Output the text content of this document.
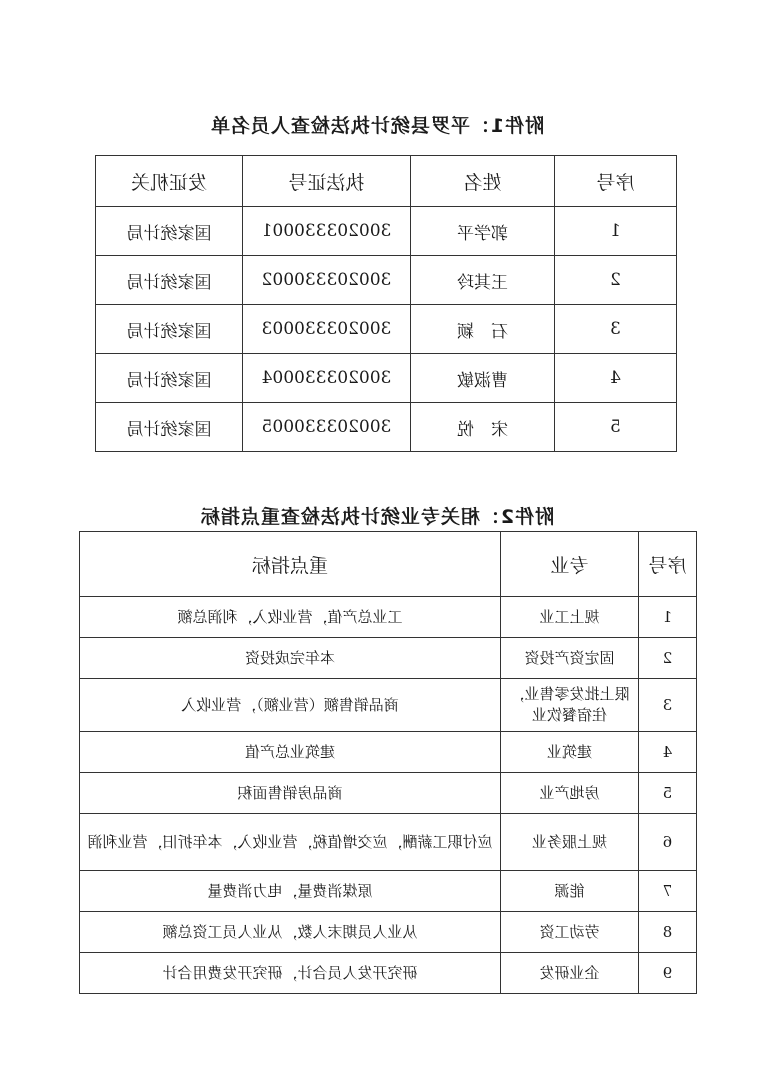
附件1：平罗县统计执法检查人员名单
序号	姓名	执法证号	发证机关
1	郭学平	300203330001	国家统计局
2	王其玲	300203330002	国家统计局
3	石　颖	300203330003	国家统计局
4	曹淑敏	300203330004	国家统计局
5	宋　悦	300203330005	国家统计局
附件2：相关专业统计执法检查重点指标
序号	专业	重点指标
1	规上工业	工业总产值，营业收入，利润总额
2	固定资产投资	本年完成投资
3	限上批发零售业，住宿餐饮业	商品销售额（营业额），营业收入
4	建筑业	建筑业总产值
5	房地产业	商品房销售面积
6	规上服务业	应付职工薪酬，应交增值税，营业收入，本年折旧，营业利润
7	能源	原煤消费量，电力消费量
8	劳动工资	从业人员期末人数，从业人员工资总额
9	企业研发	研究开发人员合计，研究开发费用合计
